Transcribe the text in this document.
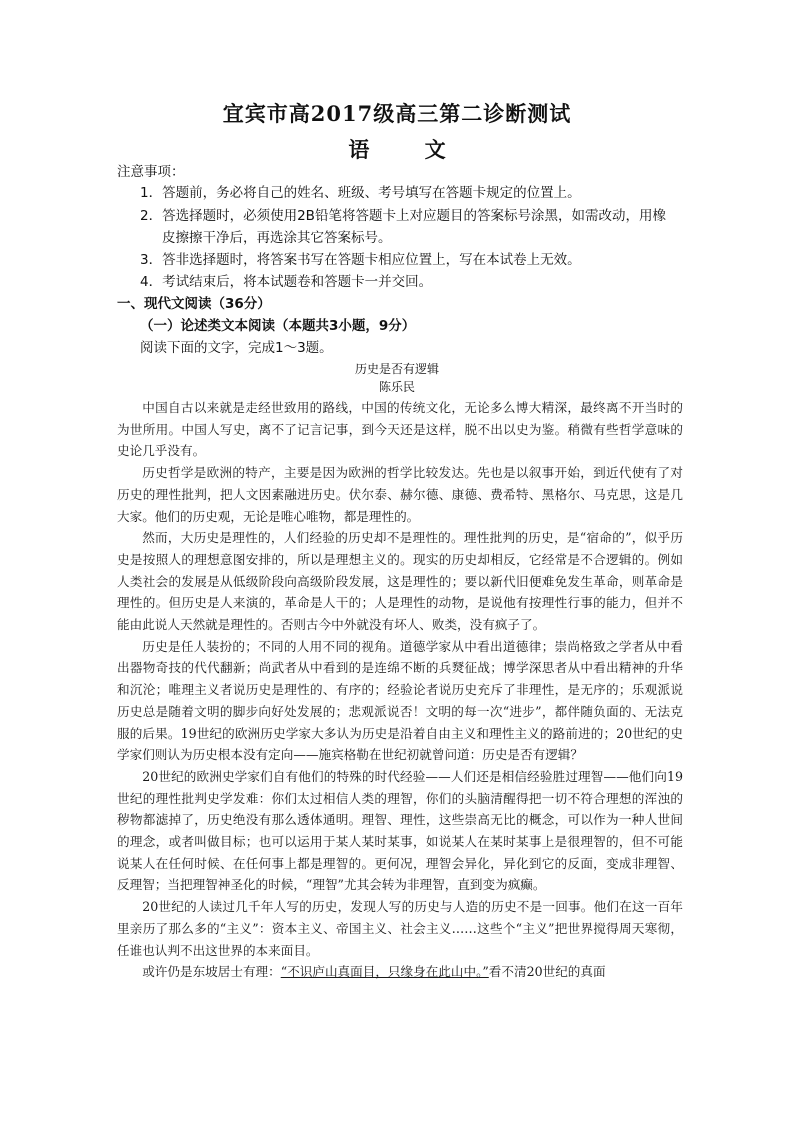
宜宾市高2017级高三第二诊断测试
语 文
注意事项：
1．答题前，务必将自己的姓名、班级、考号填写在答题卡规定的位置上。
2．答选择题时，必须使用2B铅笔将答题卡上对应题目的答案标号涂黑，如需改动，用橡
皮擦擦干净后，再选涂其它答案标号。
3．答非选择题时，将答案书写在答题卡相应位置上，写在本试卷上无效。
4．考试结束后，将本试题卷和答题卡一并交回。
一、现代文阅读（36分）
（一）论述类文本阅读（本题共3小题，9分）
阅读下面的文字，完成1～3题。
历史是否有逻辑
陈乐民

中国自古以来就是走经世致用的路线，中国的传统文化，无论多么博大精深，最终离不开当时的为世所用。中国人写史，离不了记言记事，到今天还是这样，脱不出以史为鉴。稍微有些哲学意味的史论几乎没有。

历史哲学是欧洲的特产，主要是因为欧洲的哲学比较发达。先也是以叙事开始，到近代使有了对历史的理性批判，把人文因素融进历史。伏尔泰、赫尔德、康德、费希特、黑格尔、马克思，这是几大家。他们的历史观，无论是唯心唯物，都是理性的。

然而，大历史是理性的，人们经验的历史却不是理性的。理性批判的历史，是“宿命的”，似乎历史是按照人的理想意图安排的，所以是理想主义的。现实的历史却相反，它经常是不合逻辑的。例如人类社会的发展是从低级阶段向高级阶段发展，这是理性的；要以新代旧便难免发生革命，则革命是理性的。但历史是人来演的，革命是人干的；人是理性的动物，是说他有按理性行事的能力，但并不能由此说人天然就是理性的。否则古今中外就没有坏人、败类，没有疯子了。

历史是任人装扮的；不同的人用不同的视角。道德学家从中看出道德律；崇尚格致之学者从中看出器物奇技的代代翻新；尚武者从中看到的是连绵不断的兵燹征战；博学深思者从中看出精神的升华和沉沦；唯理主义者说历史是理性的、有序的；经验论者说历史充斥了非理性，是无序的；乐观派说历史总是随着文明的脚步向好处发展的；悲观派说否！文明的每一次“进步”，都伴随负面的、无法克服的后果。19世纪的欧洲历史学家大多认为历史是沿着自由主义和理性主义的路前进的；20世纪的史学家们则认为历史根本没有定向——施宾格勒在世纪初就曾问道：历史是否有逻辑？

20世纪的欧洲史学家们自有他们的特殊的时代经验——人们还是相信经验胜过理智——他们向19世纪的理性批判史学发难：你们太过相信人类的理智，你们的头脑清醒得把一切不符合理想的浑浊的秽物都滤掉了，历史绝没有那么透体通明。理智、理性，这些崇高无比的概念，可以作为一种人世间的理念，或者叫做目标；也可以运用于某人某时某事，如说某人在某时某事上是很理智的，但不可能说某人在任何时候、在任何事上都是理智的。更何况，理智会异化，异化到它的反面，变成非理智、反理智；当把理智神圣化的时候，“理智”尤其会转为非理智，直到变为疯癫。

20世纪的人读过几千年人写的历史，发现人写的历史与人造的历史不是一回事。他们在这一百年里亲历了那么多的“主义”：资本主义、帝国主义、社会主义……这些个“主义”把世界搅得周天寒彻，任谁也认判不出这世界的本来面目。

或许仍是东坡居士有理：“不识庐山真面目，只缘身在此山中。”看不清20世纪的真面
